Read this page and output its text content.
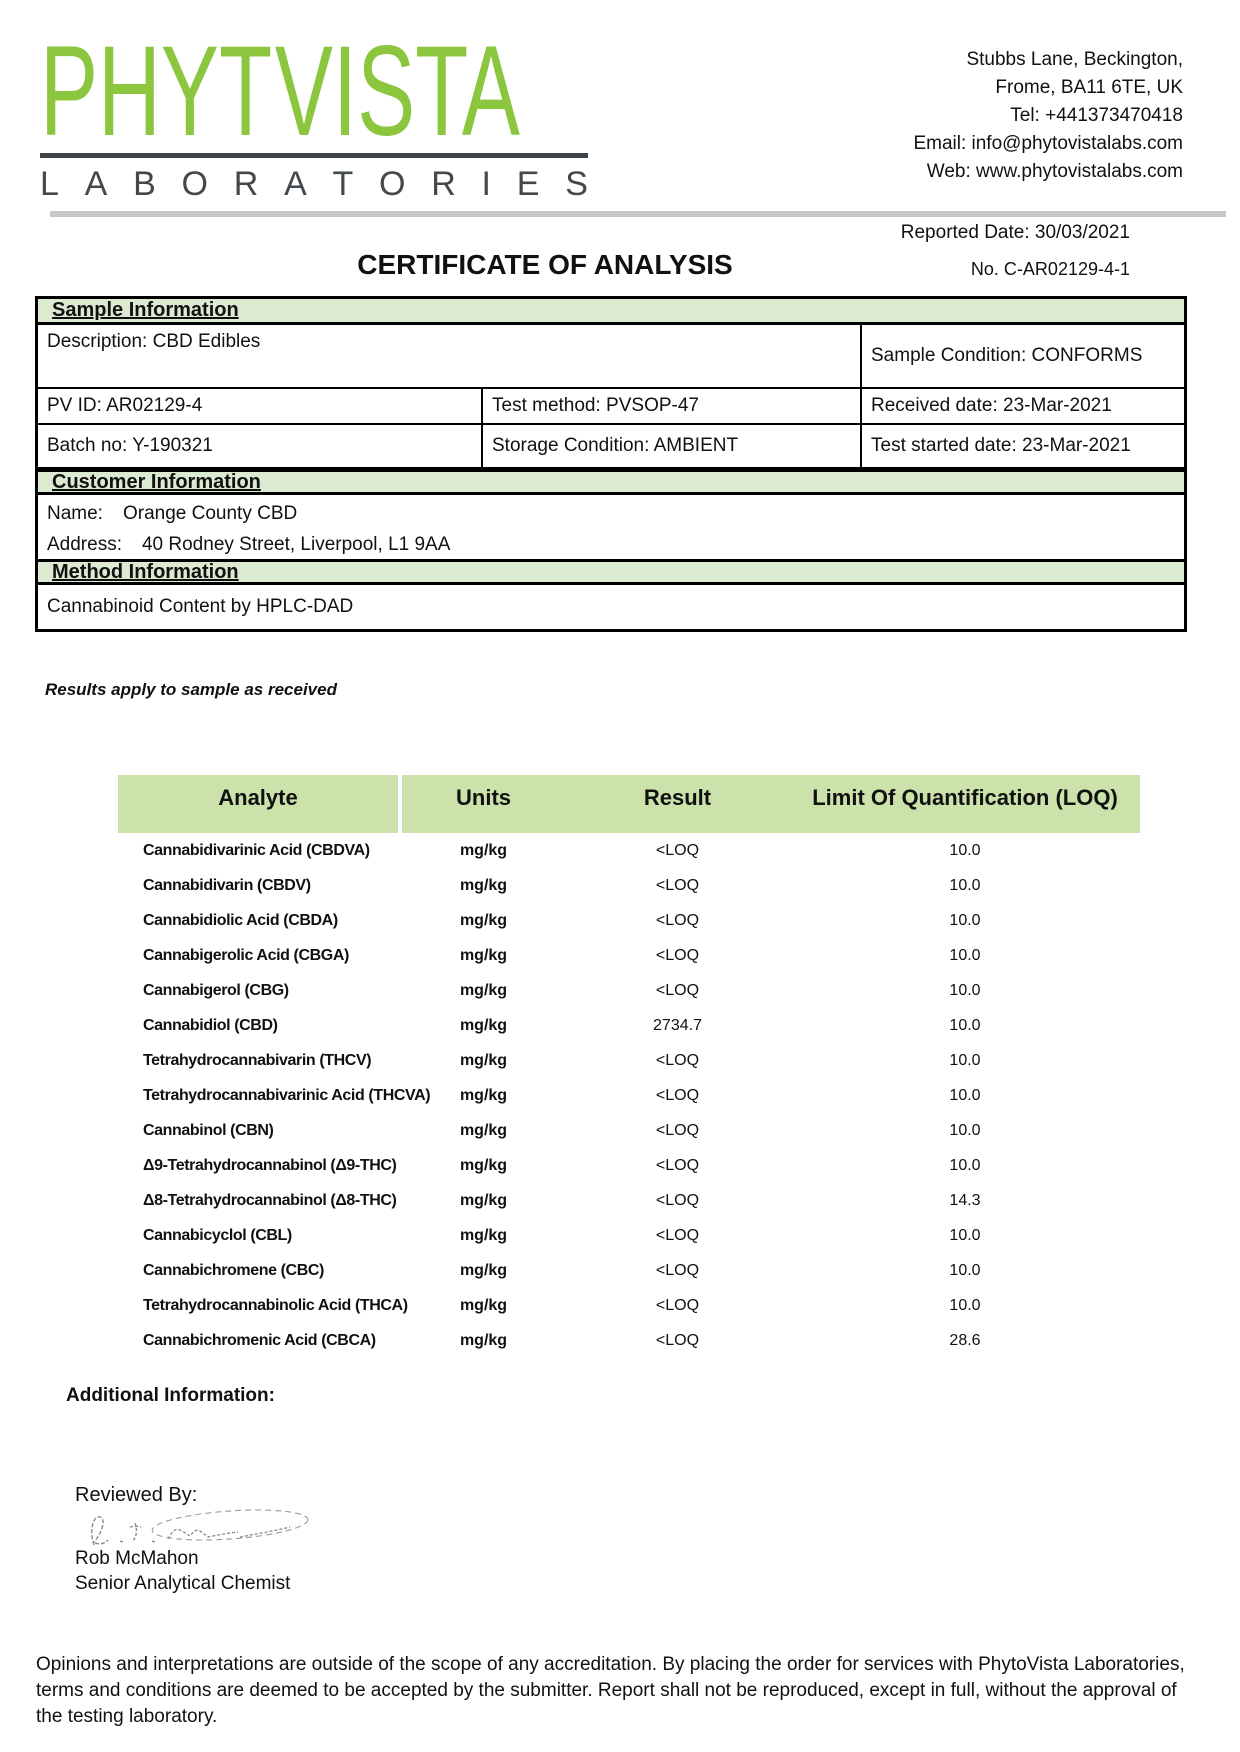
PHYT VISTA
L A B O R A T O R I E S
Stubbs Lane, Beckington,
Frome, BA11 6TE, UK
Tel: +441373470418
Email: info@phytovistalabs.com
Web: www.phytovistalabs.com
Reported Date: 30/03/2021
No. C-AR02129-4-1
CERTIFICATE OF ANALYSIS
Sample Information
Description: CBD Edibles
Sample Condition: CONFORMS
PV ID: AR02129-4	Test method: PVSOP-47	Received date: 23-Mar-2021
Batch no: Y-190321	Storage Condition: AMBIENT	Test started date: 23-Mar-2021
Customer Information
Name: Orange County CBD
Address: 40 Rodney Street, Liverpool, L1 9AA
Method Information
Cannabinoid Content by HPLC-DAD
Results apply to sample as received
Analyte	Units	Result	Limit Of Quantification (LOQ)
Cannabidivarinic Acid (CBDVA)	mg/kg	<LOQ	10.0
Cannabidivarin (CBDV)	mg/kg	<LOQ	10.0
Cannabidiolic Acid (CBDA)	mg/kg	<LOQ	10.0
Cannabigerolic Acid (CBGA)	mg/kg	<LOQ	10.0
Cannabigerol (CBG)	mg/kg	<LOQ	10.0
Cannabidiol (CBD)	mg/kg	2734.7	10.0
Tetrahydrocannabivarin (THCV)	mg/kg	<LOQ	10.0
Tetrahydrocannabivarinic Acid (THCVA)	mg/kg	<LOQ	10.0
Cannabinol (CBN)	mg/kg	<LOQ	10.0
Δ9-Tetrahydrocannabinol (Δ9-THC)	mg/kg	<LOQ	10.0
Δ8-Tetrahydrocannabinol (Δ8-THC)	mg/kg	<LOQ	14.3
Cannabicyclol (CBL)	mg/kg	<LOQ	10.0
Cannabichromene (CBC)	mg/kg	<LOQ	10.0
Tetrahydrocannabinolic Acid (THCA)	mg/kg	<LOQ	10.0
Cannabichromenic Acid (CBCA)	mg/kg	<LOQ	28.6
Additional Information:
Reviewed By:
Rob McMahon
Senior Analytical Chemist
Opinions and interpretations are outside of the scope of any accreditation. By placing the order for services with PhytoVista Laboratories,
terms and conditions are deemed to be accepted by the submitter. Report shall not be reproduced, except in full, without the approval of
the testing laboratory.
